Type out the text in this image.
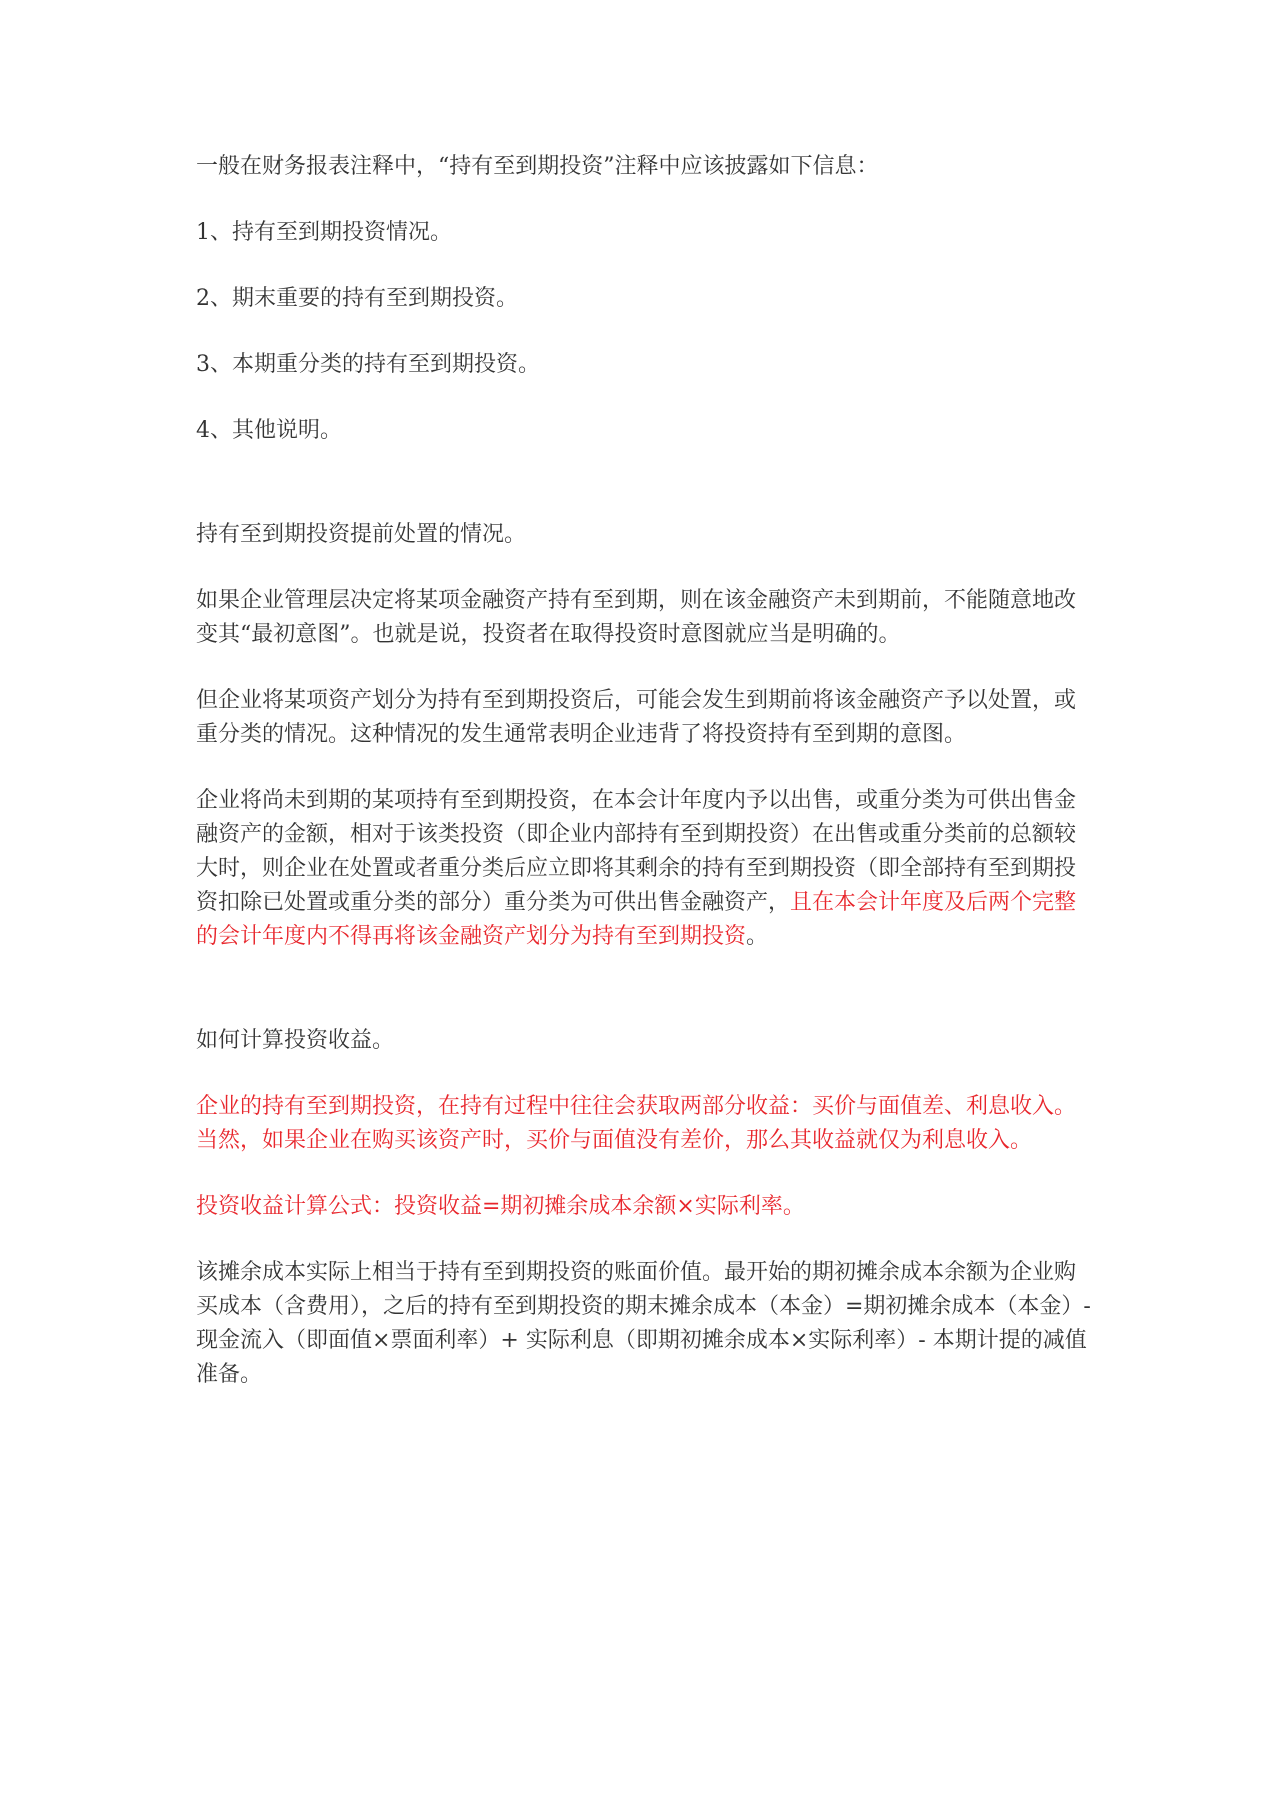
一般在财务报表注释中，“持有至到期投资”注释中应该披露如下信息：

1、持有至到期投资情况。

2、期末重要的持有至到期投资。

3、本期重分类的持有至到期投资。

4、其他说明。

持有至到期投资提前处置的情况。

如果企业管理层决定将某项金融资产持有至到期，则在该金融资产未到期前，不能随意地改变其“最初意图”。也就是说，投资者在取得投资时意图就应当是明确的。

但企业将某项资产划分为持有至到期投资后，可能会发生到期前将该金融资产予以处置，或重分类的情况。这种情况的发生通常表明企业违背了将投资持有至到期的意图。

企业将尚未到期的某项持有至到期投资，在本会计年度内予以出售，或重分类为可供出售金融资产的金额，相对于该类投资（即企业内部持有至到期投资）在出售或重分类前的总额较大时，则企业在处置或者重分类后应立即将其剩余的持有至到期投资（即全部持有至到期投资扣除已处置或重分类的部分）重分类为可供出售金融资产，且在本会计年度及后两个完整的会计年度内不得再将该金融资产划分为持有至到期投资。

如何计算投资收益。

企业的持有至到期投资，在持有过程中往往会获取两部分收益：买价与面值差、利息收入。当然，如果企业在购买该资产时，买价与面值没有差价，那么其收益就仅为利息收入。

投资收益计算公式：投资收益=期初摊余成本余额×实际利率。

该摊余成本实际上相当于持有至到期投资的账面价值。最开始的期初摊余成本余额为企业购买成本（含费用），之后的持有至到期投资的期末摊余成本（本金）=期初摊余成本（本金）- 现金流入（即面值×票面利率）+ 实际利息（即期初摊余成本×实际利率）- 本期计提的减值准备。
